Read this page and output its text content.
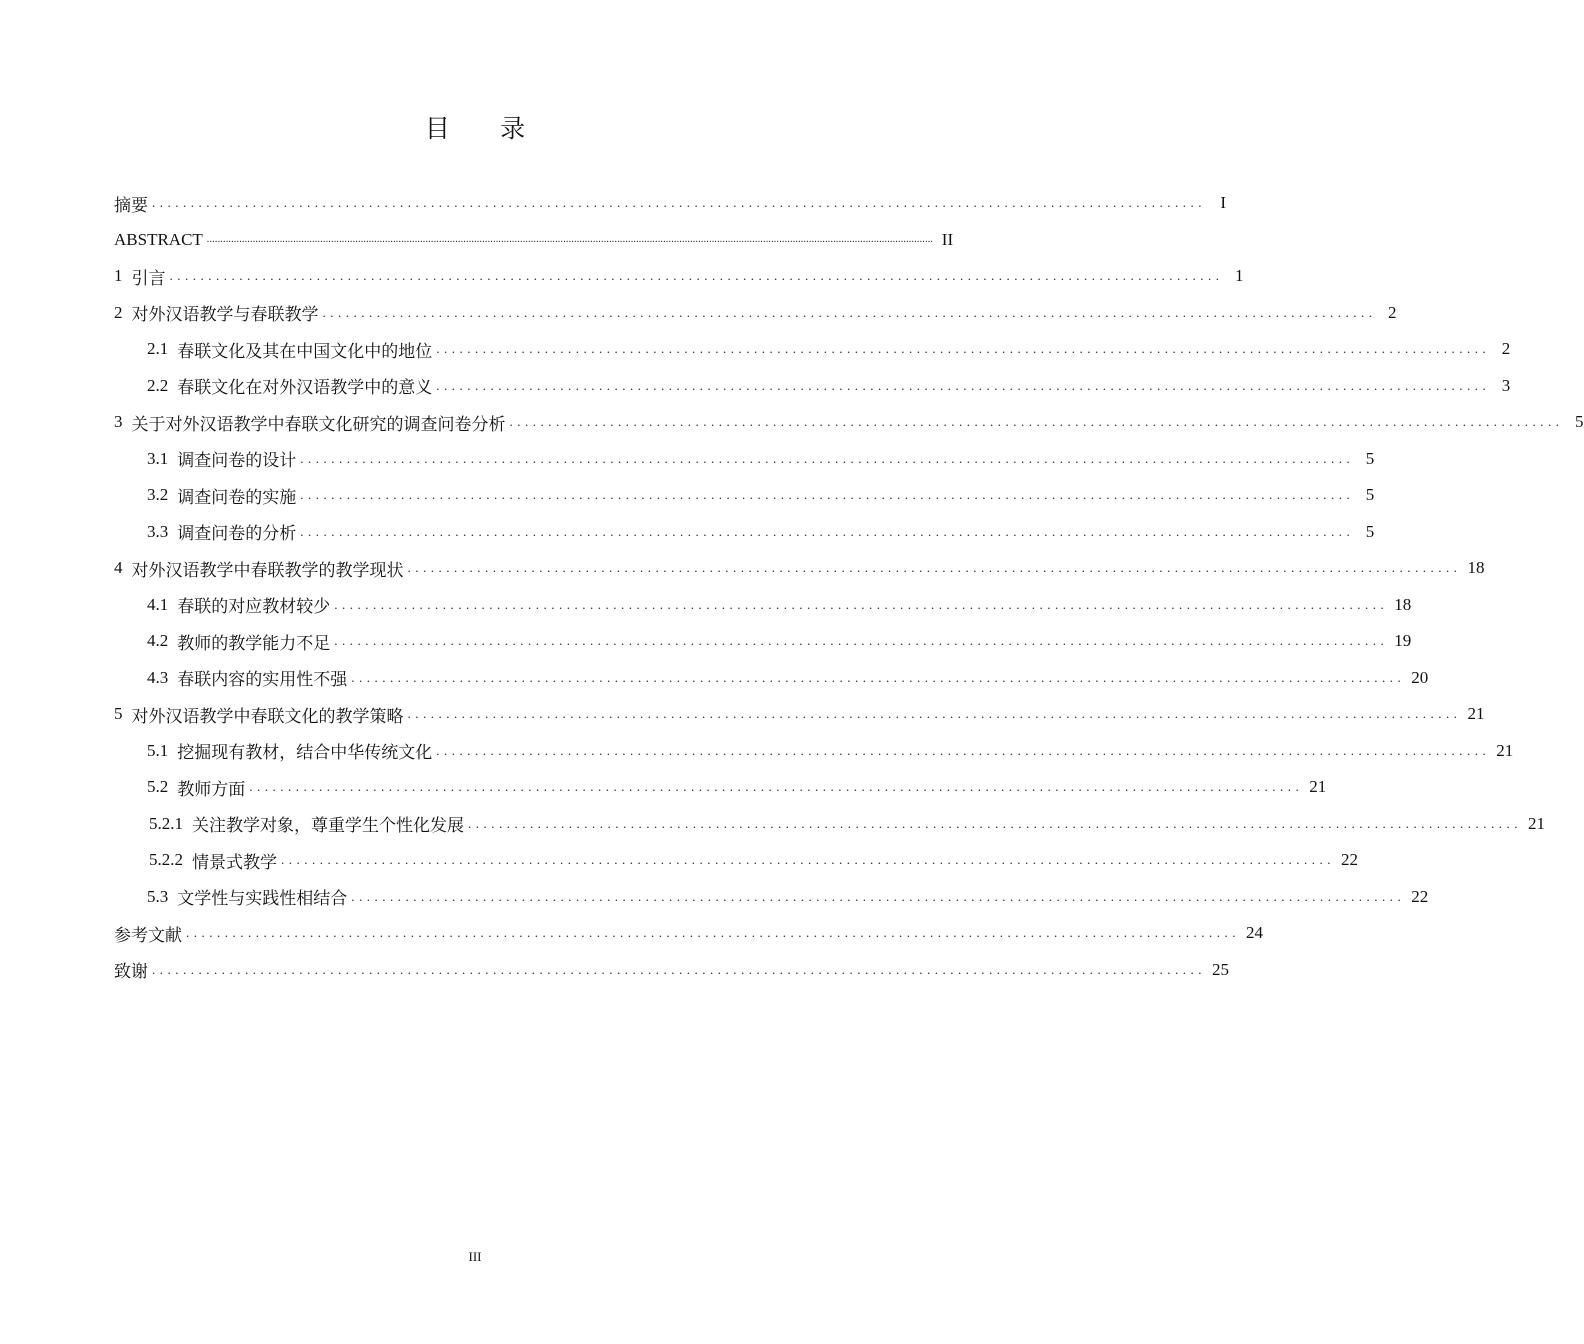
目 录
摘要 ........................................................................................................................................ I
ABSTRACT ............................................................................................................................................................................................................................................................................. II
1 引言 ........................................................................................................................................ 1
2 对外汉语教学与春联教学 ........................................................................................................................................ 2
2.1 春联文化及其在中国文化中的地位 ........................................................................................................................................ 2
2.2 春联文化在对外汉语教学中的意义 ........................................................................................................................................ 3
3 关于对外汉语教学中春联文化研究的调查问卷分析 ........................................................................................................................................ 5
3.1 调查问卷的设计 ........................................................................................................................................ 5
3.2 调查问卷的实施 ........................................................................................................................................ 5
3.3 调查问卷的分析 ........................................................................................................................................ 5
4 对外汉语教学中春联教学的教学现状 ........................................................................................................................................ 18
4.1 春联的对应教材较少 ........................................................................................................................................ 18
4.2 教师的教学能力不足 ........................................................................................................................................ 19
4.3 春联内容的实用性不强 ........................................................................................................................................ 20
5 对外汉语教学中春联文化的教学策略 ........................................................................................................................................ 21
5.1 挖掘现有教材，结合中华传统文化 ........................................................................................................................................ 21
5.2 教师方面 ........................................................................................................................................ 21
5.2.1 关注教学对象，尊重学生个性化发展 ........................................................................................................................................ 21
5.2.2 情景式教学 ........................................................................................................................................ 22
5.3 文学性与实践性相结合 ........................................................................................................................................ 22
参考文献 ........................................................................................................................................ 24
致谢 ........................................................................................................................................ 25
III
